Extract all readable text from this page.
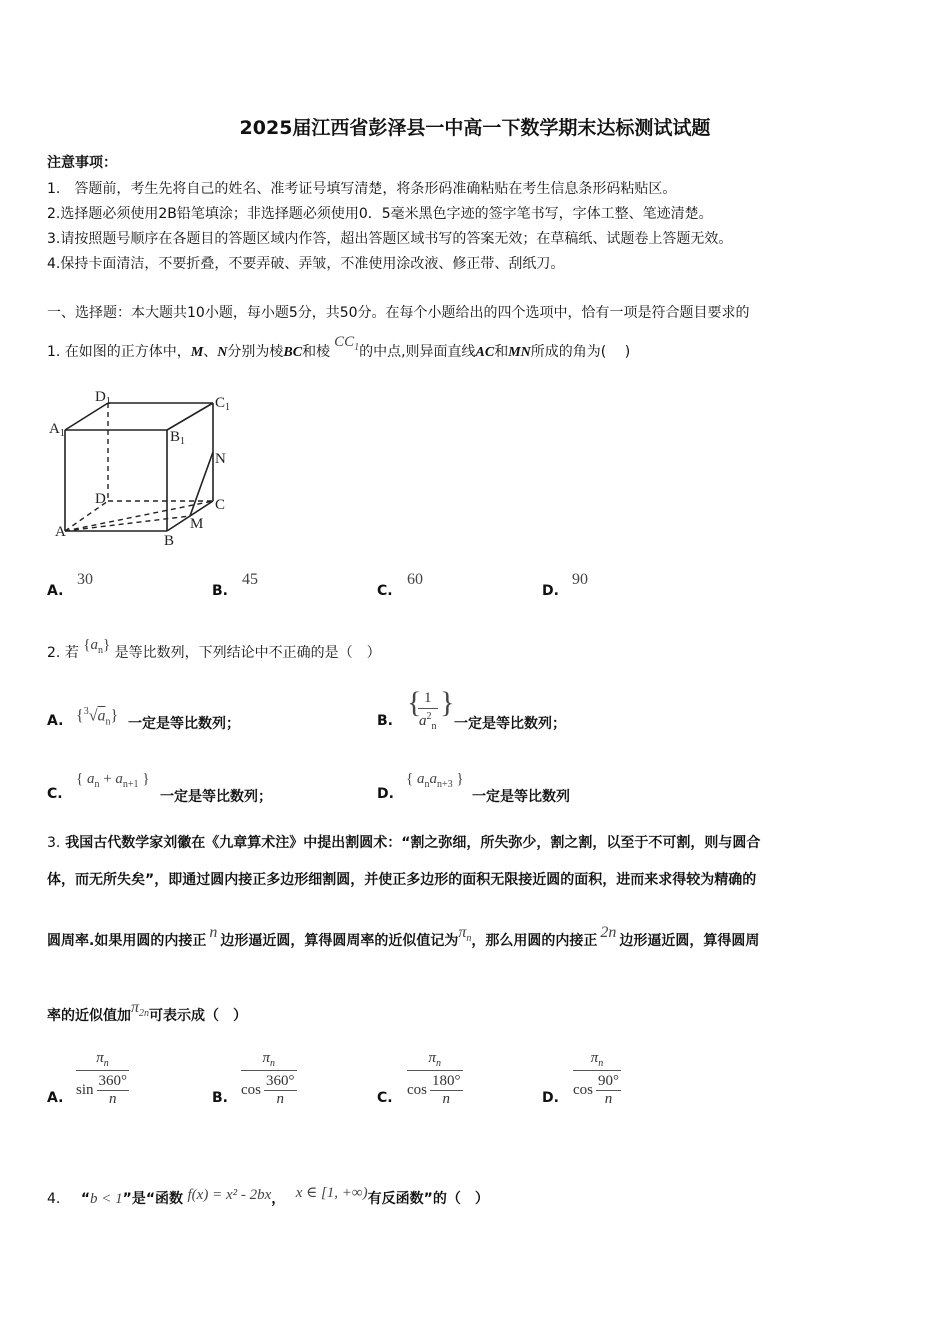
2025届江西省彭泽县一中高一下数学期末达标测试试题
注意事项：
1.　答题前，考生先将自己的姓名、准考证号填写清楚，将条形码准确粘贴在考生信息条形码粘贴区。
2.选择题必须使用2B铅笔填涂；非选择题必须使用0．5毫米黑色字迹的签字笔书写，字体工整、笔迹清楚。
3.请按照题号顺序在各题目的答题区域内作答，超出答题区域书写的答案无效；在草稿纸、试题卷上答题无效。
4.保持卡面清洁，不要折叠，不要弄破、弄皱，不准使用涂改液、修正带、刮纸刀。
一、选择题：本大题共10小题，每小题5分，共50分。在每个小题给出的四个选项中，恰有一项是符合题目要求的
1. 在如图的正方体中，M、N分别为棱BC和棱$CC_1$的中点,则异面直线AC和MN所成的角为(　 )
$D_1$	$C_1$
$A_1$	$B_1$
N
D	C
M
A
B
A.
30
B.
45
C.
60
D.
90
2. 若 $\{a_n\}$ 是等比数列，下列结论中不正确的是（　）
A. $\{^3√a_n\}$ 一定是等比数列；	B.
{
$\frac{1}{a^2_n}$ }
一定是等比数列；
C.
{ $a_n + a_{n+1}$ }
一定是等比数列；	D.
{ $a_na_{n+3}$ }
一定是等比数列
3. 我国古代数学家刘徽在《九章算术注》中提出割圆术：“割之弥细，所失弥少，割之割，以至于不可割，则与圆合
体，而无所失矣”，即通过圆内接正多边形细割圆，并使正多边形的面积无限接近圆的面积，进而来求得较为精确的
圆周率.如果用圆的内接正 n 边形逼近圆，算得圆周率的近似值记为$\pi_n$，那么用圆的内接正 2n 边形逼近圆，算得圆周
率的近似值加$\pi_{2n}$可表示成（　）
A. $\pi_n$
sin
360°
n	B. $\pi_n$
cos
360°
n	C. $\pi_n$
cos
180°
n	D. $\pi_n$
cos
90°
n
4. “b < 1”是“函数 f(x) = x² - 2bx， x ∈ [1, +∞)有反函数”的（　）
